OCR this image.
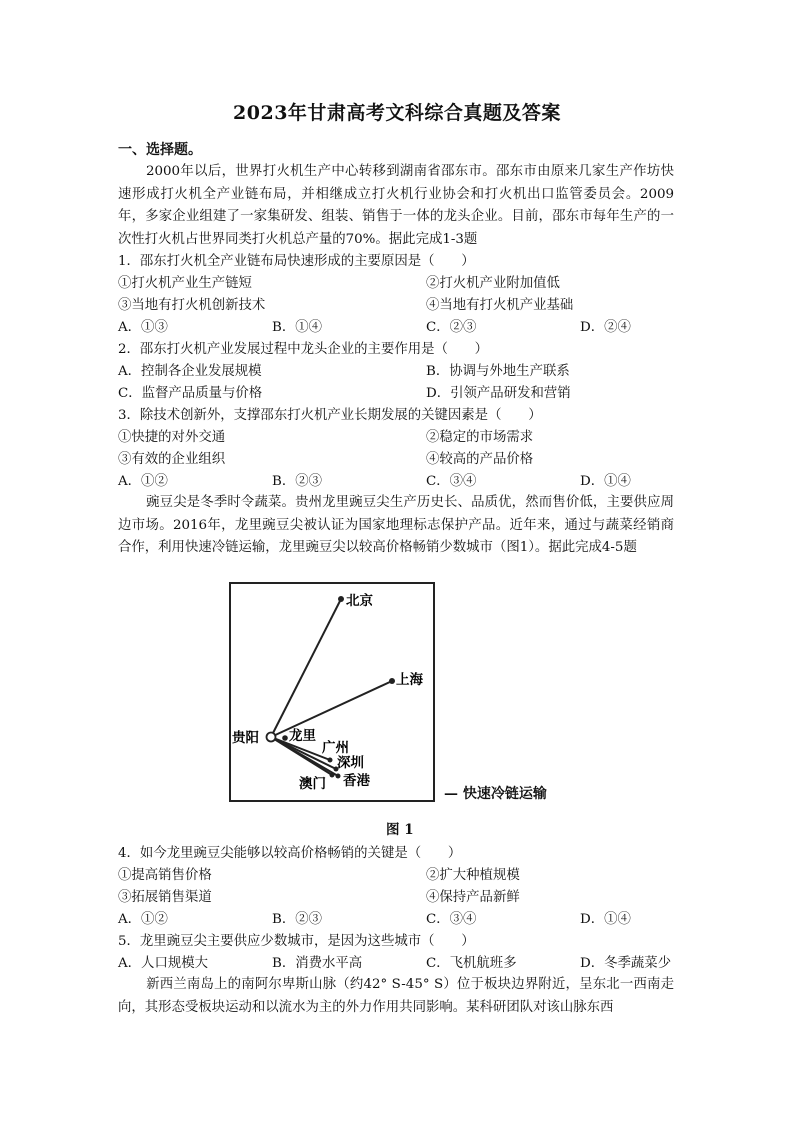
2023年甘肃高考文科综合真题及答案
一、选择题。
2000年以后，世界打火机生产中心转移到湖南省邵东市。邵东市由原来几家生产作坊快速形成打火机全产业链布局，并相继成立打火机行业协会和打火机出口监管委员会。2009年，多家企业组建了一家集研发、组装、销售于一体的龙头企业。目前，邵东市每年生产的一次性打火机占世界同类打火机总产量的70%。据此完成1-3题
1．邵东打火机全产业链布局快速形成的主要原因是（　　）
①打火机产业生产链短	②打火机产业附加值低
③当地有打火机创新技术	④当地有打火机产业基础
A．①③	B．①④	C．②③	D．②④
2．邵东打火机产业发展过程中龙头企业的主要作用是（　　）
A．控制各企业发展规模	B．协调与外地生产联系
C．监督产品质量与价格	D．引领产品研发和营销
3．除技术创新外，支撑邵东打火机产业长期发展的关键因素是（　　）
①快捷的对外交通	②稳定的市场需求
③有效的企业组织	④较高的产品价格
A．①②	B．②③	C．③④	D．①④
豌豆尖是冬季时令蔬菜。贵州龙里豌豆尖生产历史长、品质优，然而售价低，主要供应周边市场。2016年，龙里豌豆尖被认证为国家地理标志保护产品。近年来，通过与蔬菜经销商合作，利用快速冷链运输，龙里豌豆尖以较高价格畅销少数城市（图1）。据此完成4-5题
北京
上海
贵阳 龙里
广州
深圳
澳门 香港
— 快速冷链运输
图 1
4．如今龙里豌豆尖能够以较高价格畅销的关键是（　　）
①提高销售价格	②扩大种植规模
③拓展销售渠道	④保持产品新鲜
A．①②	B．②③	C．③④	D．①④
5．龙里豌豆尖主要供应少数城市，是因为这些城市（　　）
A．人口规模大	B．消费水平高	C．飞机航班多	D．冬季蔬菜少
新西兰南岛上的南阿尔卑斯山脉（约42° S-45° S）位于板块边界附近，呈东北一西南走向，其形态受板块运动和以流水为主的外力作用共同影响。某科研团队对该山脉东西
